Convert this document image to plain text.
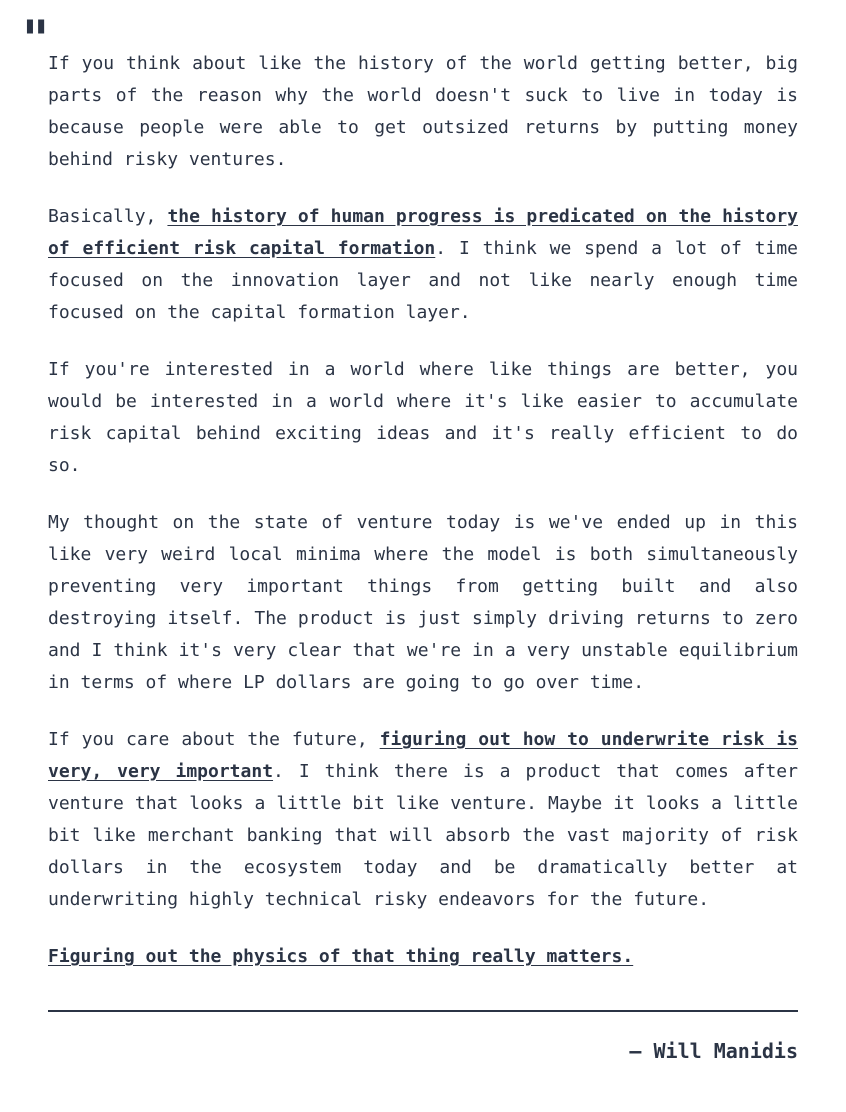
" If you think about like the history of the world getting better, big parts of the reason why the world doesn't suck to live in today is because people were able to get outsized returns by putting money behind risky ventures.

Basically, the history of human progress is predicated on the history of efficient risk capital formation. I think we spend a lot of time focused on the innovation layer and not like nearly enough time focused on the capital formation layer.

If you're interested in a world where like things are better, you would be interested in a world where it's like easier to accumulate risk capital behind exciting ideas and it's really efficient to do so.

My thought on the state of venture today is we've ended up in this like very weird local minima where the model is both simultaneously preventing very important things from getting built and also destroying itself. The product is just simply driving returns to zero and I think it's very clear that we're in a very unstable equilibrium in terms of where LP dollars are going to go over time.

If you care about the future, figuring out how to underwrite risk is very, very important. I think there is a product that comes after venture that looks a little bit like venture. Maybe it looks a little bit like merchant banking that will absorb the vast majority of risk dollars in the ecosystem today and be dramatically better at underwriting highly technical risky endeavors for the future.

Figuring out the physics of that thing really matters.

— Will Manidis
